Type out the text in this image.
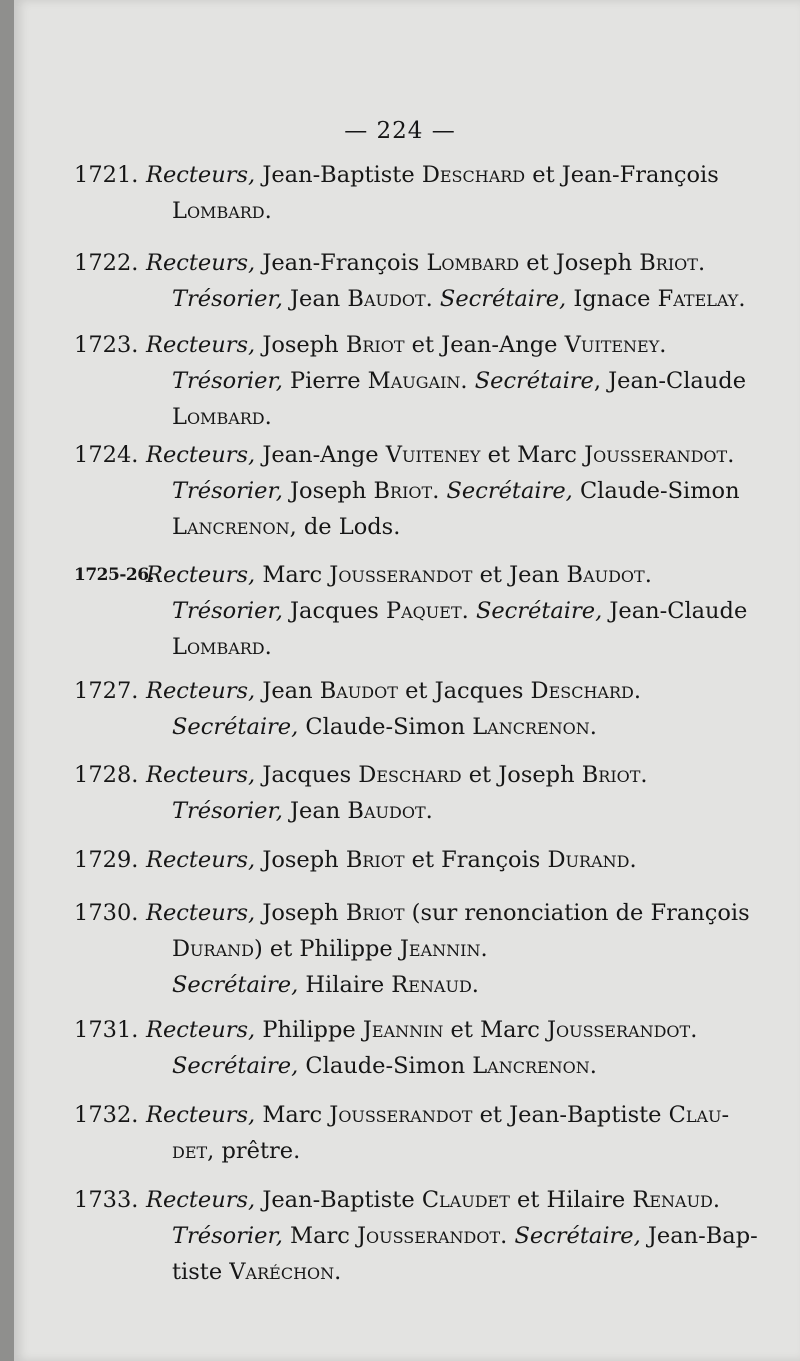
— 224 —
1721. Recteurs, Jean-Baptiste Deschard et Jean-François
Lombard.
1722. Recteurs, Jean-François Lombard et Joseph Briot.
Trésorier, Jean Baudot. Secrétaire, Ignace Fatelay.
1723. Recteurs, Joseph Briot et Jean-Ange Vuiteney.
Trésorier, Pierre Maugain. Secrétaire, Jean-Claude
Lombard.
1724. Recteurs, Jean-Ange Vuiteney et Marc Jousserandot.
Trésorier, Joseph Briot. Secrétaire, Claude-Simon
Lancrenon, de Lods.
1725-26.
Recteurs, Marc Jousserandot et Jean Baudot.
Trésorier, Jacques Paquet. Secrétaire, Jean-Claude
Lombard.
1727. Recteurs, Jean Baudot et Jacques Deschard.
Secrétaire, Claude-Simon Lancrenon.
1728. Recteurs, Jacques Deschard et Joseph Briot.
Trésorier, Jean Baudot.
1729. Recteurs, Joseph Briot et François Durand.
1730. Recteurs, Joseph Briot (sur renonciation de François
Durand) et Philippe Jeannin.
Secrétaire, Hilaire Renaud.
1731. Recteurs, Philippe Jeannin et Marc Jousserandot.
Secrétaire, Claude-Simon Lancrenon.
1732. Recteurs, Marc Jousserandot et Jean-Baptiste Clau-
det, prêtre.
1733. Recteurs, Jean-Baptiste Claudet et Hilaire Renaud.
Trésorier, Marc Jousserandot. Secrétaire, Jean-Bap-
tiste Varéchon.
